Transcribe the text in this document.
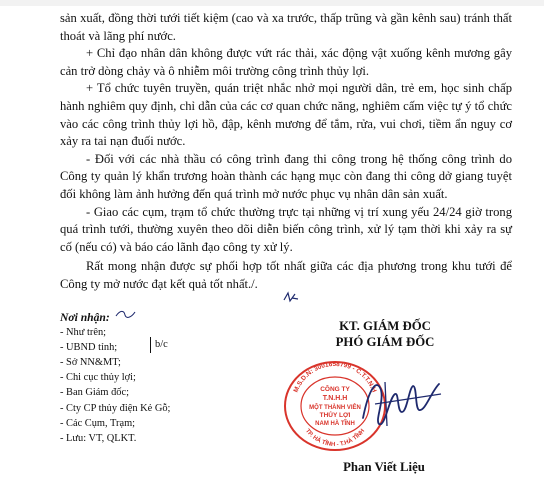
sản xuất, đồng thời tưới tiết kiệm (cao và xa trước, thấp trũng và gần kênh sau) tránh thất thoát và lãng phí nước.

+ Chỉ đạo nhân dân không được vứt rác thải, xác động vật xuống kênh mương gây cản trở dòng chảy và ô nhiễm môi trường công trình thủy lợi.

+ Tổ chức tuyên truyền, quán triệt nhắc nhở mọi người dân, trẻ em, học sinh chấp hành nghiêm quy định, chỉ dẫn của các cơ quan chức năng, nghiêm cấm việc tự ý tổ chức vào các công trình thủy lợi hồ, đập, kênh mương để tắm, rửa, vui chơi, tiềm ẩn nguy cơ xảy ra tai nạn đuối nước.

- Đối với các nhà thầu có công trình đang thi công trong hệ thống công trình do Công ty quản lý khẩn trương hoàn thành các hạng mục còn đang thi công dở giang tuyệt đối không làm ảnh hưởng đến quá trình mở nước phục vụ nhân dân sản xuất.

- Giao các cụm, trạm tổ chức thường trực tại những vị trí xung yếu 24/24 giờ trong quá trình tưới, thường xuyên theo dõi diễn biến công trình, xử lý tạm thời khi xảy ra sự cố (nếu có) và báo cáo lãnh đạo công ty xử lý.

Rất mong nhận được sự phối hợp tốt nhất giữa các địa phương trong khu tưới để Công ty mở nước đạt kết quả tốt nhất./.

Nơi nhận:
- Như trên;
- UBND tỉnh;
- Sở NN&MT;
- Chi cục thủy lợi;
- Ban Giám đốc;
- Cty CP thủy điện Kẻ Gỗ;
- Các Cụm, Trạm;
- Lưu: VT, QLKT.
b/c
M.S.D.N: 3001658799 - C.T.T.N.H
TP. HÀ TĨNH - T.HÀ TĨNH
CÔNG TY
T.N.H.H
MỘT THÀNH VIÊN
THỦY LỢI
NAM HÀ TĨNH
KT. GIÁM ĐỐC
PHÓ GIÁM ĐỐC
Phan Viết Liệu
